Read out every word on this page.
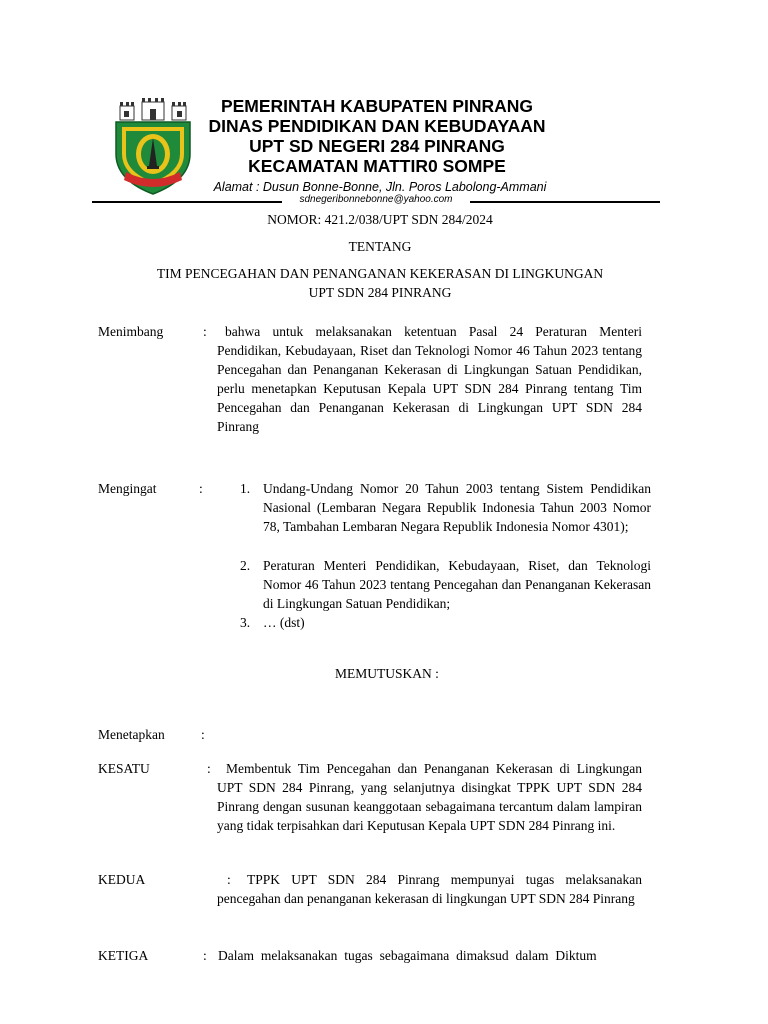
PEMERINTAH KABUPATEN PINRANG
DINAS PENDIDIKAN DAN KEBUDAYAAN
UPT SD NEGERI 284 PINRANG
KECAMATAN MATTIR0 SOMPE
Alamat : Dusun Bonne-Bonne, Jln. Poros Labolong-Ammani
sdnegeribonnebonne@yahoo.com
NOMOR: 421.2/038/UPT SDN 284/2024
TENTANG
TIM PENCEGAHAN DAN PENANGANAN KEKERASAN DI LINGKUNGAN
UPT SDN 284 PINRANG
Menimbang	:	bahwa untuk melaksanakan ketentuan Pasal 24 Peraturan Menteri Pendidikan, Kebudayaan, Riset dan Teknologi Nomor 46 Tahun 2023 tentang Pencegahan dan Penanganan Kekerasan di Lingkungan Satuan Pendidikan, perlu menetapkan Keputusan Kepala UPT SDN 284 Pinrang tentang Tim Pencegahan dan Penanganan Kekerasan di Lingkungan UPT SDN 284 Pinrang
Mengingat	:	1. Undang-Undang Nomor 20 Tahun 2003 tentang Sistem Pendidikan Nasional (Lembaran Negara Republik Indonesia Tahun 2003 Nomor 78, Tambahan Lembaran Negara Republik Indonesia Nomor 4301);
2. Peraturan Menteri Pendidikan, Kebudayaan, Riset, dan Teknologi Nomor 46 Tahun 2023 tentang Pencegahan dan Penanganan Kekerasan di Lingkungan Satuan Pendidikan;
3. … (dst)
MEMUTUSKAN :
Menetapkan	:
KESATU	:	Membentuk Tim Pencegahan dan Penanganan Kekerasan di Lingkungan UPT SDN 284 Pinrang, yang selanjutnya disingkat TPPK UPT SDN 284 Pinrang dengan susunan keanggotaan sebagaimana tercantum dalam lampiran yang tidak terpisahkan dari Keputusan Kepala UPT SDN 284 Pinrang ini.
KEDUA	:	TPPK UPT SDN 284 Pinrang mempunyai tugas melaksanakan pencegahan dan penanganan kekerasan di lingkungan UPT SDN 284 Pinrang
KETIGA	: Dalam melaksanakan tugas sebagaimana dimaksud dalam Diktum
